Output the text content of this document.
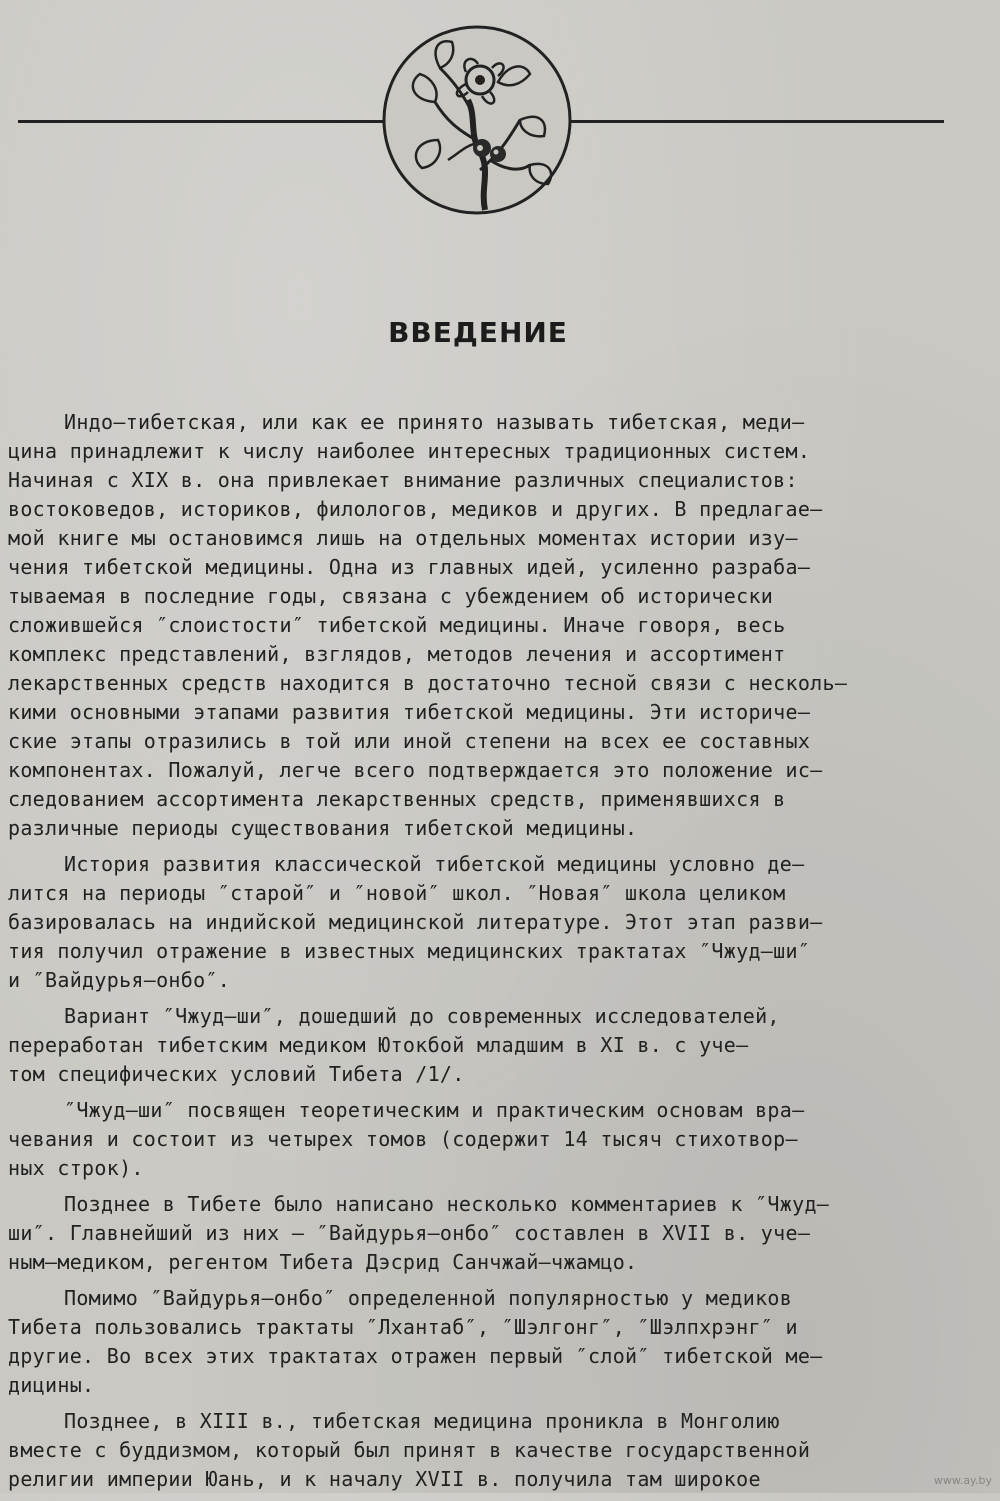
ВВЕДЕНИЕ
Индо–тибетская, или как ее принято называть тибетская, меди–
цина принадлежит к числу наиболее интересных традиционных систем.
Начиная с XIX в. она привлекает внимание различных специалистов:
востоковедов, историков, филологов, медиков и других. В предлагае–
мой книге мы остановимся лишь на отдельных моментах истории изу–
чения тибетской медицины. Одна из главных идей, усиленно разраба–
тываемая в последние годы, связана с убеждением об исторически
сложившейся ″слоистости″ тибетской медицины. Иначе говоря, весь
комплекс представлений, взглядов, методов лечения и ассортимент
лекарственных средств находится в достаточно тесной связи с несколь–
кими основными этапами развития тибетской медицины. Эти историче–
ские этапы отразились в той или иной степени на всех ее составных
компонентах. Пожалуй, легче всего подтверждается это положение ис–
следованием ассортимента лекарственных средств, применявшихся в
различные периоды существования тибетской медицины.
История развития классической тибетской медицины условно де–
лится на периоды ″старой″ и ″новой″ школ. ″Новая″ школа целиком
базировалась на индийской медицинской литературе. Этот этап разви–
тия получил отражение в известных медицинских трактатах ″Чжуд–ши″
и ″Вайдурья–онбо″.
Вариант ″Чжуд–ши″, дошедший до современных исследователей,
переработан тибетским медиком Ютокбой младшим в XI в. с уче–
том специфических условий Тибета /1/.
″Чжуд–ши″ посвящен теоретическим и практическим основам вра–
чевания и состоит из четырех томов (содержит 14 тысяч стихотвор–
ных строк).
Позднее в Тибете было написано несколько комментариев к ″Чжуд–
ши″. Главнейший из них – ″Вайдурья–онбо″ составлен в XVII в. уче–
ным–медиком, регентом Тибета Дэсрид Санчжай–чжамцо.
Помимо ″Вайдурья–онбо″ определенной популярностью у медиков
Тибета пользовались трактаты ″Лхантаб″, ″Шэлгонг″, ″Шэлпхрэнг″ и
другие. Во всех этих трактатах отражен первый ″слой″ тибетской ме–
дицины.
Позднее, в XIII в., тибетская медицина проникла в Монголию
вместе с буддизмом, который был принят в качестве государственной
религии империи Юань, и к началу XVII в. получила там широкое	www.ay.by
